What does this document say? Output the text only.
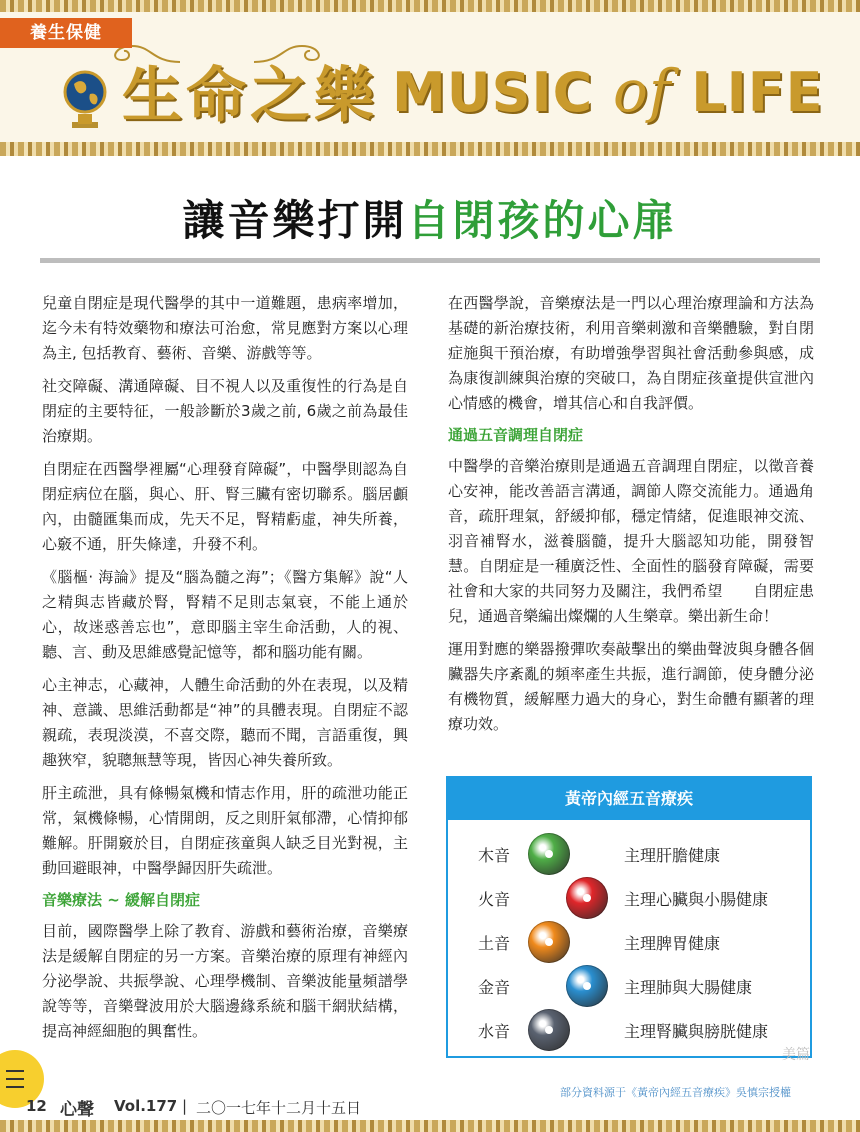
生命之樂 MUSIC of LIFE
養生保健
讓音樂打開自閉孩的心扉

兒童自閉症是現代醫學的其中一道難題，患病率增加，迄今未有特效藥物和療法可治愈，常見應對方案以心理為主, 包括教育、藝術、音樂、游戲等等。

社交障礙、溝通障礙、目不視人以及重復性的行為是自閉症的主要特征，一般診斷於3歲之前, 6歲之前為最佳治療期。

自閉症在西醫學裡屬“心理發育障礙”，中醫學則認為自閉症病位在腦，與心、肝、腎三臟有密切聯系。腦居顱內，由髓匯集而成，先天不足，腎精虧虛，神失所養，心竅不通，肝失條達，升發不利。

《腦樞· 海論》提及“腦為髓之海”；《醫方集解》說“人之精與志皆藏於腎，腎精不足則志氣衰，不能上通於心，故迷惑善忘也”，意即腦主宰生命活動，人的視、聽、言、動及思維感覺記憶等，都和腦功能有關。

心主神志，心藏神，人體生命活動的外在表現，以及精神、意識、思維活動都是“神”的具體表現。自閉症不認親疏，表現淡漠，不喜交際，聽而不聞，言語重復，興趣狹窄，貌聰無慧等現，皆因心神失養所致。

肝主疏泄，具有條暢氣機和情志作用，肝的疏泄功能正常，氣機條暢，心情開朗，反之則肝氣郁滯，心情抑郁難解。肝開竅於目，自閉症孩童與人缺乏目光對視，主動回避眼神，中醫學歸因肝失疏泄。

音樂療法 ~ 緩解自閉症

目前，國際醫學上除了教育、游戲和藝術治療，音樂療法是緩解自閉症的另一方案。音樂治療的原理有神經內分泌學說、共振學說、心理學機制、音樂波能量頻譜學說等等，音樂聲波用於大腦邊緣系統和腦干網狀結構，提高神經細胞的興奮性。

在西醫學說，音樂療法是一門以心理治療理論和方法為基礎的新治療技術，利用音樂刺激和音樂體驗，對自閉症施與干預治療，有助增強學習與社會活動參與感，成為康復訓練與治療的突破口，為自閉症孩童提供宣泄內心情感的機會，增其信心和自我評價。

通過五音調理自閉症

中醫學的音樂治療則是通過五音調理自閉症，以徵音養心安神，能改善語言溝通，調節人際交流能力。通過角音，疏肝理氣，舒緩抑郁，穩定情緒，促進眼神交流、羽音補腎水，滋養腦髓，提升大腦認知功能，開發智慧。自閉症是一種廣泛性、全面性的腦發育障礙，需要社會和大家的共同努力及關注，我們希望　　自閉症患兒，通過音樂編出燦爛的人生樂章。樂出新生命！

運用對應的樂器撥彈吹奏敲擊出的樂曲聲波與身體各個臟器失序紊亂的頻率產生共振，進行調節，使身體分泌有機物質，緩解壓力過大的身心，對生命體有顯著的理療功效。

黃帝內經五音療疾
木音	主理肝膽健康
火音	主理心臟與小腸健康
土音	主理脾胃健康
金音	主理肺與大腸健康
水音	主理腎臟與膀胱健康
美篇
部分資料源于《黃帝內經五音療疾》吳慎宗授權
12 心聲 Vol.177 | 二〇一七年十二月十五日
